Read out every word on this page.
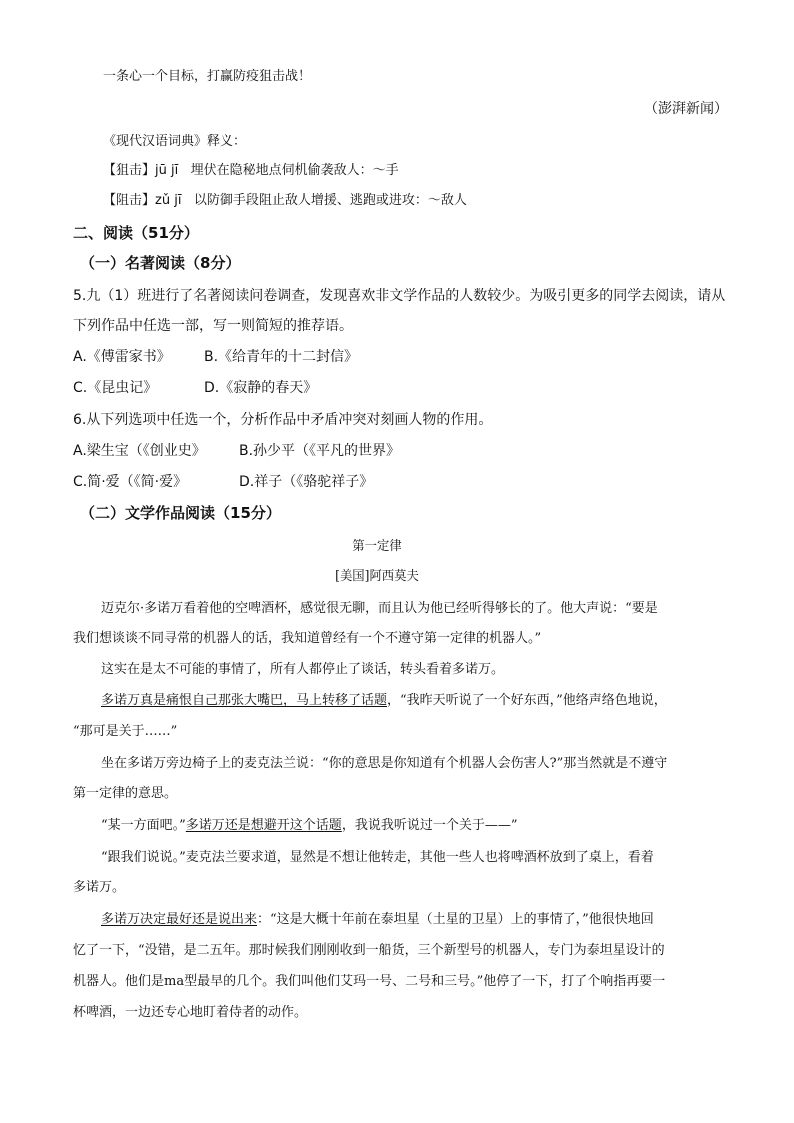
一条心一个目标，打赢防疫狙击战！
（澎湃新闻）
《现代汉语词典》释义：
【狙击】jū jī 埋伏在隐秘地点伺机偷袭敌人：～手
【阻击】zǔ jī 以防御手段阻止敌人增援、逃跑或进攻：～敌人
二、阅读（51分）
（一）名著阅读（8分）
5.九（1）班进行了名著阅读问卷调查，发现喜欢非文学作品的人数较少。为吸引更多的同学去阅读，请从
下列作品中任选一部，写一则简短的推荐语。
A.《傅雷家书》 B.《给青年的十二封信》
C.《昆虫记》	D.《寂静的春天》
6.从下列选项中任选一个，分析作品中矛盾冲突对刻画人物的作用。
A.梁生宝（《创业史》 B.孙少平（《平凡的世界》
C.简·爱（《简·爱》	D.祥子（《骆驼祥子》
（二）文学作品阅读（15分）
第一定律
[美国]阿西莫夫
迈克尔·多诺万看着他的空啤酒杯，感觉很无聊，而且认为他已经听得够长的了。他大声说：“要是
我们想谈谈不同寻常的机器人的话，我知道曾经有一个不遵守第一定律的机器人。”
这实在是太不可能的事情了，所有人都停止了谈话，转头看着多诺万。
多诺万真是痛恨自己那张大嘴巴，马上转移了话题，“我昨天听说了一个好东西，”他络声络色地说，
“那可是关于……”
坐在多诺万旁边椅子上的麦克法兰说：“你的意思是你知道有个机器人会伤害人?”那当然就是不遵守
第一定律的意思。
“某一方面吧。”多诺万还是想避开这个话题，我说我听说过一个关于——”
“跟我们说说。”麦克法兰要求道，显然是不想让他转走，其他一些人也将啤酒杯放到了桌上，看着
多诺万。
多诺万决定最好还是说出来：“这是大概十年前在泰坦星（土星的卫星）上的事情了，”他很快地回
忆了一下，“没错，是二五年。那时候我们刚刚收到一船货，三个新型号的机器人，专门为泰坦星设计的
机器人。他们是ma型最早的几个。我们叫他们艾玛一号、二号和三号。”他停了一下，打了个响指再要一
杯啤酒，一边还专心地盯着侍者的动作。
